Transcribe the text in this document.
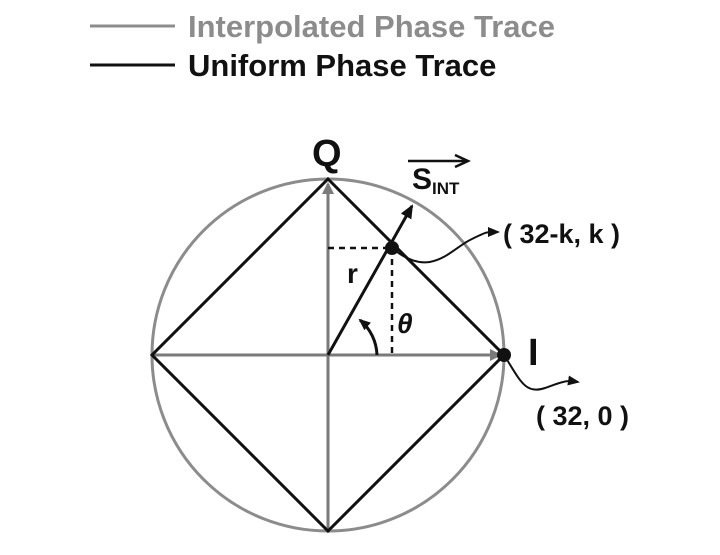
Interpolated Phase Trace
Uniform Phase Trace
Q
I
S INT
r
θ
( 32-k, k )
( 32, 0 )
